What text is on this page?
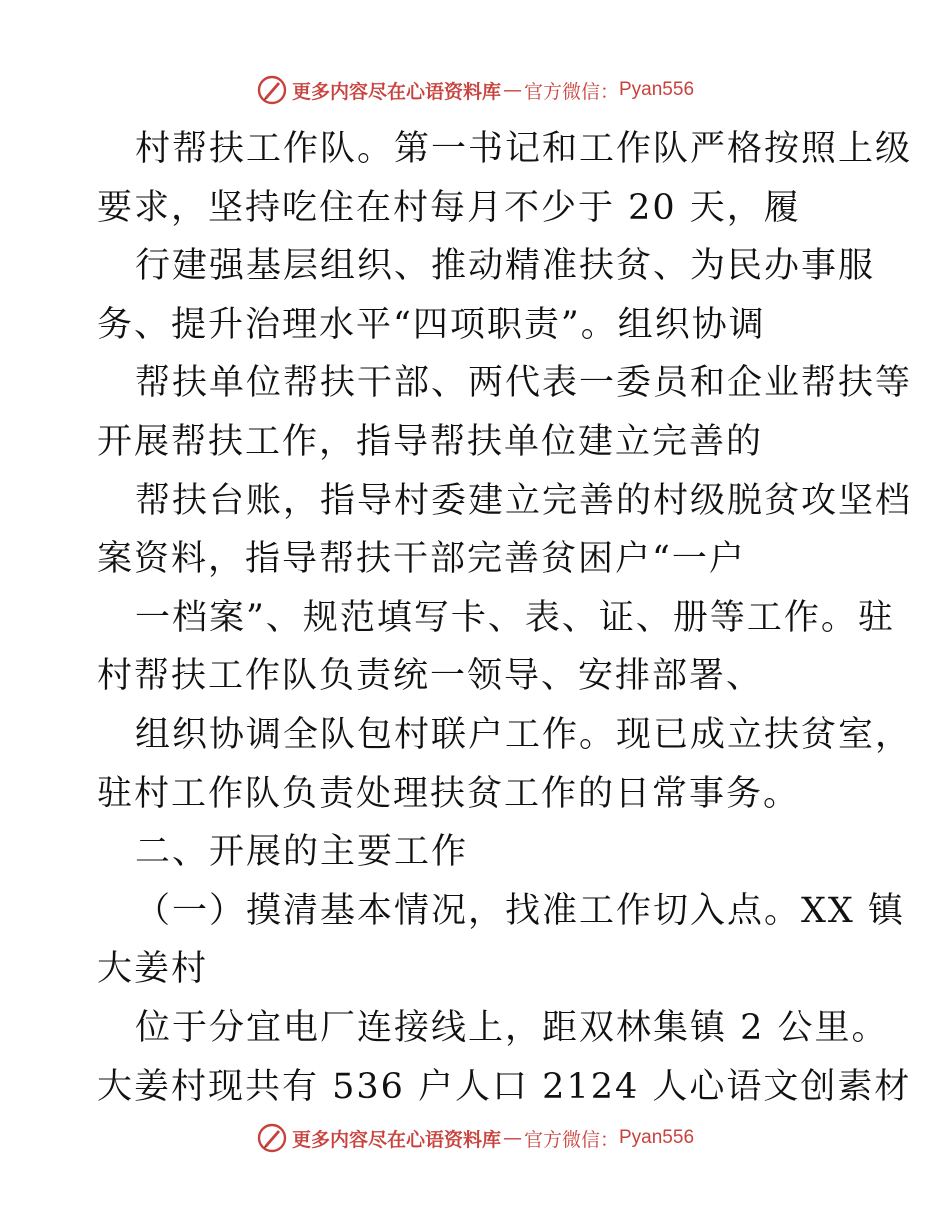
更多内容尽在心语资料库 — 官方微信： Pyan556
村帮扶工作队。第一书记和工作队严格按照上级
要求，坚持吃住在村每月不少于 20 天，履
行建强基层组织、推动精准扶贫、为民办事服
务、提升治理水平“四项职责”。组织协调
帮扶单位帮扶干部、两代表一委员和企业帮扶等
开展帮扶工作，指导帮扶单位建立完善的
帮扶台账，指导村委建立完善的村级脱贫攻坚档
案资料，指导帮扶干部完善贫困户“一户
一档案”、规范填写卡、表、证、册等工作。驻
村帮扶工作队负责统一领导、安排部署、
组织协调全队包村联户工作。现已成立扶贫室，
驻村工作队负责处理扶贫工作的日常事务。
二、开展的主要工作
（一）摸清基本情况，找准工作切入点。XX 镇
大姜村
位于分宜电厂连接线上，距双林集镇 2 公里。
大姜村现共有 536 户人口 2124 人心语文创素材
更多内容尽在心语资料库 — 官方微信： Pyan556
